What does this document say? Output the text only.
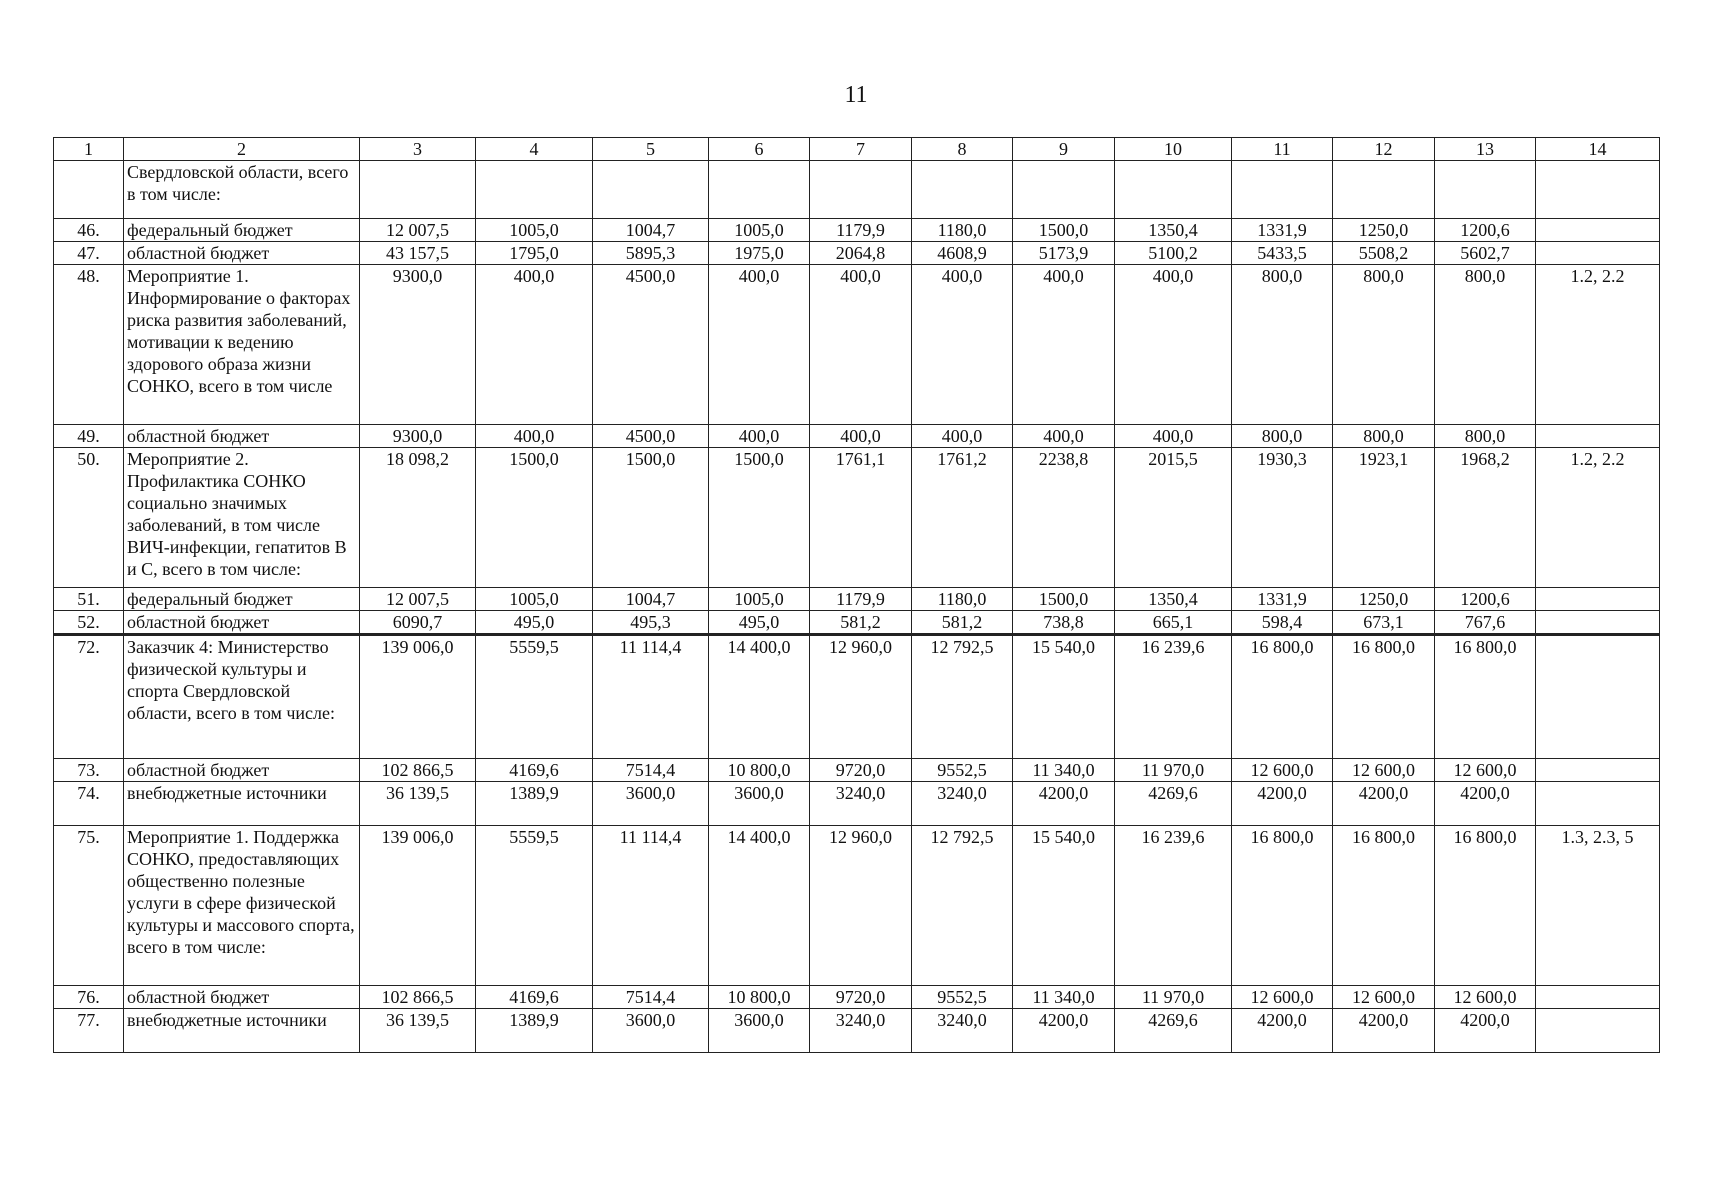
11
1	2	3	4	5	6	7	8	9	10	11	12	13	14
	Свердловской области, всего в том числе:												
46.	федеральный бюджет	12 007,5	1005,0	1004,7	1005,0	1179,9	1180,0	1500,0	1350,4	1331,9	1250,0	1200,6	
47.	областной бюджет	43 157,5	1795,0	5895,3	1975,0	2064,8	4608,9	5173,9	5100,2	5433,5	5508,2	5602,7	
48.	Мероприятие 1. Информирование о факторах риска развития заболеваний, мотивации к ведению здорового образа жизни СОНКО, всего в том числе	9300,0	400,0	4500,0	400,0	400,0	400,0	400,0	400,0	800,0	800,0	800,0	1.2, 2.2
49.	областной бюджет	9300,0	400,0	4500,0	400,0	400,0	400,0	400,0	400,0	800,0	800,0	800,0	
50.	Мероприятие 2. Профилактика СОНКО социально значимых заболеваний, в том числе ВИЧ-инфекции, гепатитов В и С, всего в том числе:	18 098,2	1500,0	1500,0	1500,0	1761,1	1761,2	2238,8	2015,5	1930,3	1923,1	1968,2	1.2, 2.2
51.	федеральный бюджет	12 007,5	1005,0	1004,7	1005,0	1179,9	1180,0	1500,0	1350,4	1331,9	1250,0	1200,6	
52.	областной бюджет	6090,7	495,0	495,3	495,0	581,2	581,2	738,8	665,1	598,4	673,1	767,6	
72.	Заказчик 4: Министерство физической культуры и спорта Свердловской области, всего в том числе:	139 006,0	5559,5	11 114,4	14 400,0	12 960,0	12 792,5	15 540,0	16 239,6	16 800,0	16 800,0	16 800,0	
73.	областной бюджет	102 866,5	4169,6	7514,4	10 800,0	9720,0	9552,5	11 340,0	11 970,0	12 600,0	12 600,0	12 600,0	
74.	внебюджетные источники	36 139,5	1389,9	3600,0	3600,0	3240,0	3240,0	4200,0	4269,6	4200,0	4200,0	4200,0	
75.	Мероприятие 1. Поддержка СОНКО, предоставляющих общественно полезные услуги в сфере физической культуры и массового спорта, всего в том числе:	139 006,0	5559,5	11 114,4	14 400,0	12 960,0	12 792,5	15 540,0	16 239,6	16 800,0	16 800,0	16 800,0	1.3, 2.3, 5
76.	областной бюджет	102 866,5	4169,6	7514,4	10 800,0	9720,0	9552,5	11 340,0	11 970,0	12 600,0	12 600,0	12 600,0	
77.	внебюджетные источники	36 139,5	1389,9	3600,0	3600,0	3240,0	3240,0	4200,0	4269,6	4200,0	4200,0	4200,0	
